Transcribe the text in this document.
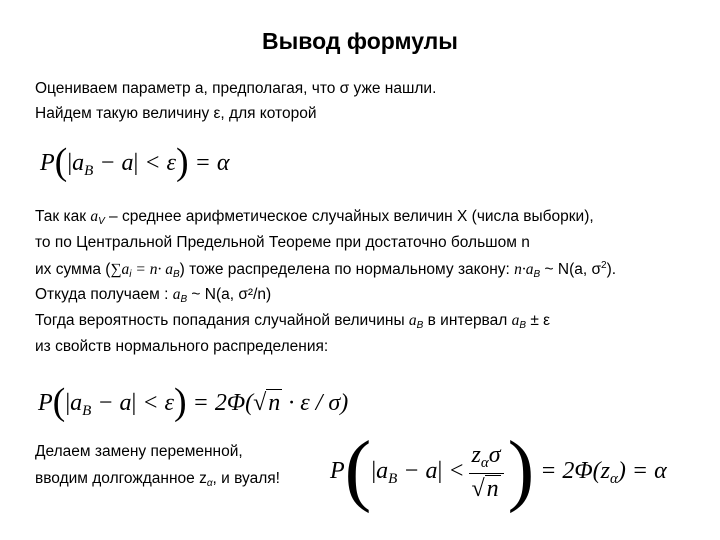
Вывод формулы
Оцениваем параметр а, предполагая, что σ уже нашли.
Найдем такую величину ε, для которой
$P(|a_B - a| < \varepsilon) = \alpha$
Так как $a_V$ – среднее арифметическое случайных величин X (числа выборки),
то по Центральной Предельной Теореме при достаточно большом n
их сумма $(\sum a_i = n\cdot a_B)$ тоже распределена по нормальному закону: $n\cdot a_B$ ~ N(a, $\sigma^2$).
Откуда получаем : $a_B$ ~ N(a, σ²/n)
Тогда вероятность попадания случайной величины $a_B$ в интервал $a_B \pm \varepsilon$
из свойств нормального распределения:
$P(|a_B - a| < \varepsilon) = 2\Phi(√n \cdot \varepsilon / \sigma)$
Делаем замену переменной,
вводим долгожданное $z_\alpha$, и вуаля! $P(|a_B - a| < \frac{z_\alpha\sigma}{√n}$ ) = $2\Phi(z_\alpha) = \alpha$
